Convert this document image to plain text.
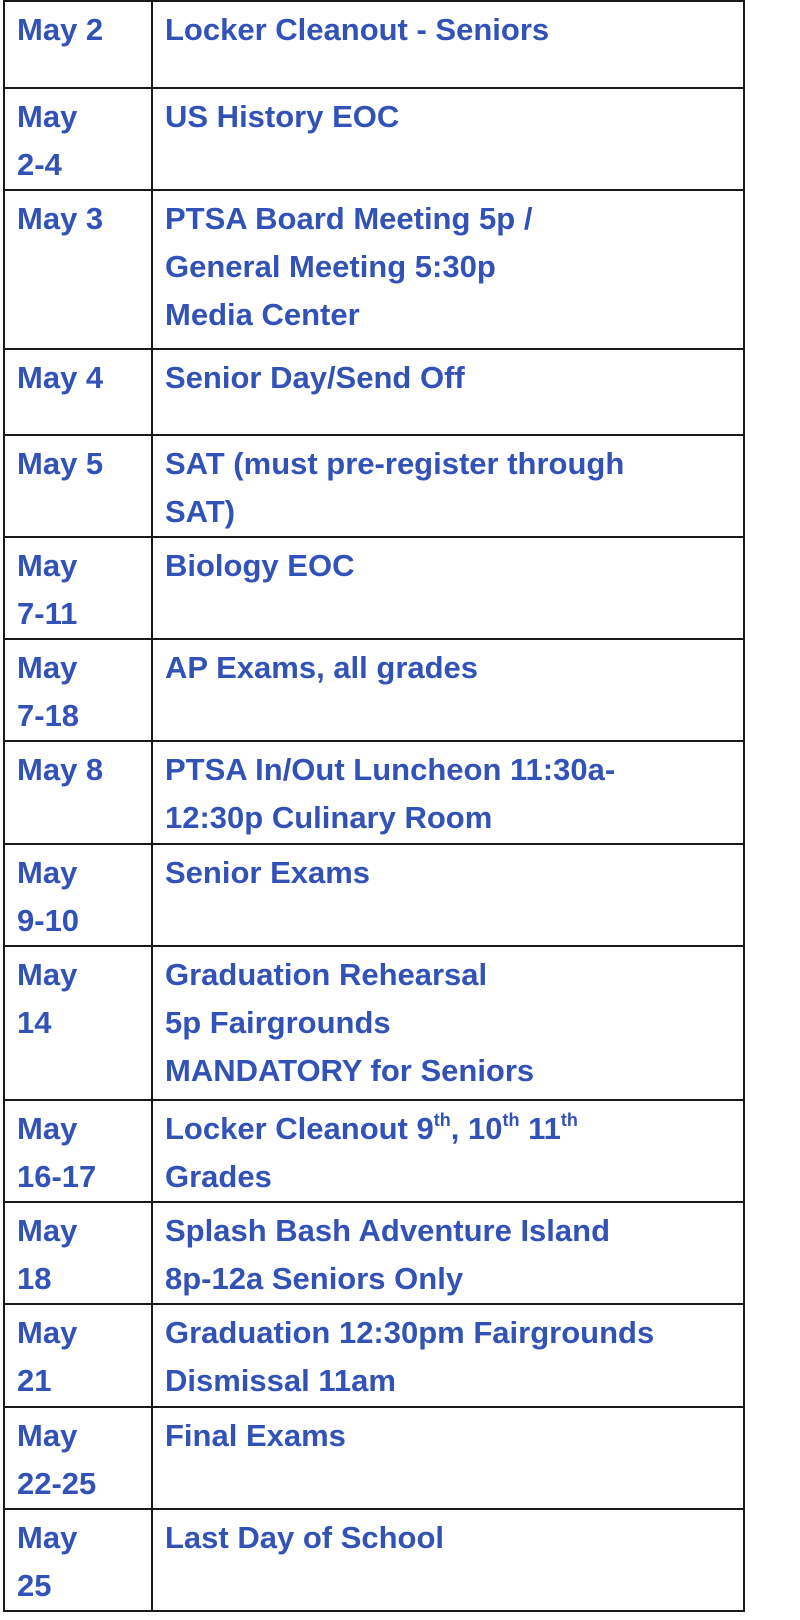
May 2	Locker Cleanout - Seniors

May
2-4	US History EOC

May 3	PTSA Board Meeting 5p /
General Meeting 5:30p
Media Center

May 4	Senior Day/Send Off

May 5	SAT (must pre-register through
SAT)

May
7-11	Biology EOC

May
7-18	AP Exams, all grades

May 8	PTSA In/Out Luncheon 11:30a-
12:30p Culinary Room

May
9-10	Senior Exams

May
14	Graduation Rehearsal
5p Fairgrounds
MANDATORY for Seniors

May
16-17	Locker Cleanout 9th, 10th 11th
Grades

May
18	Splash Bash Adventure Island
8p-12a Seniors Only

May
21	Graduation 12:30pm Fairgrounds
Dismissal 11am

May
22-25	Final Exams

May
25	Last Day of School
